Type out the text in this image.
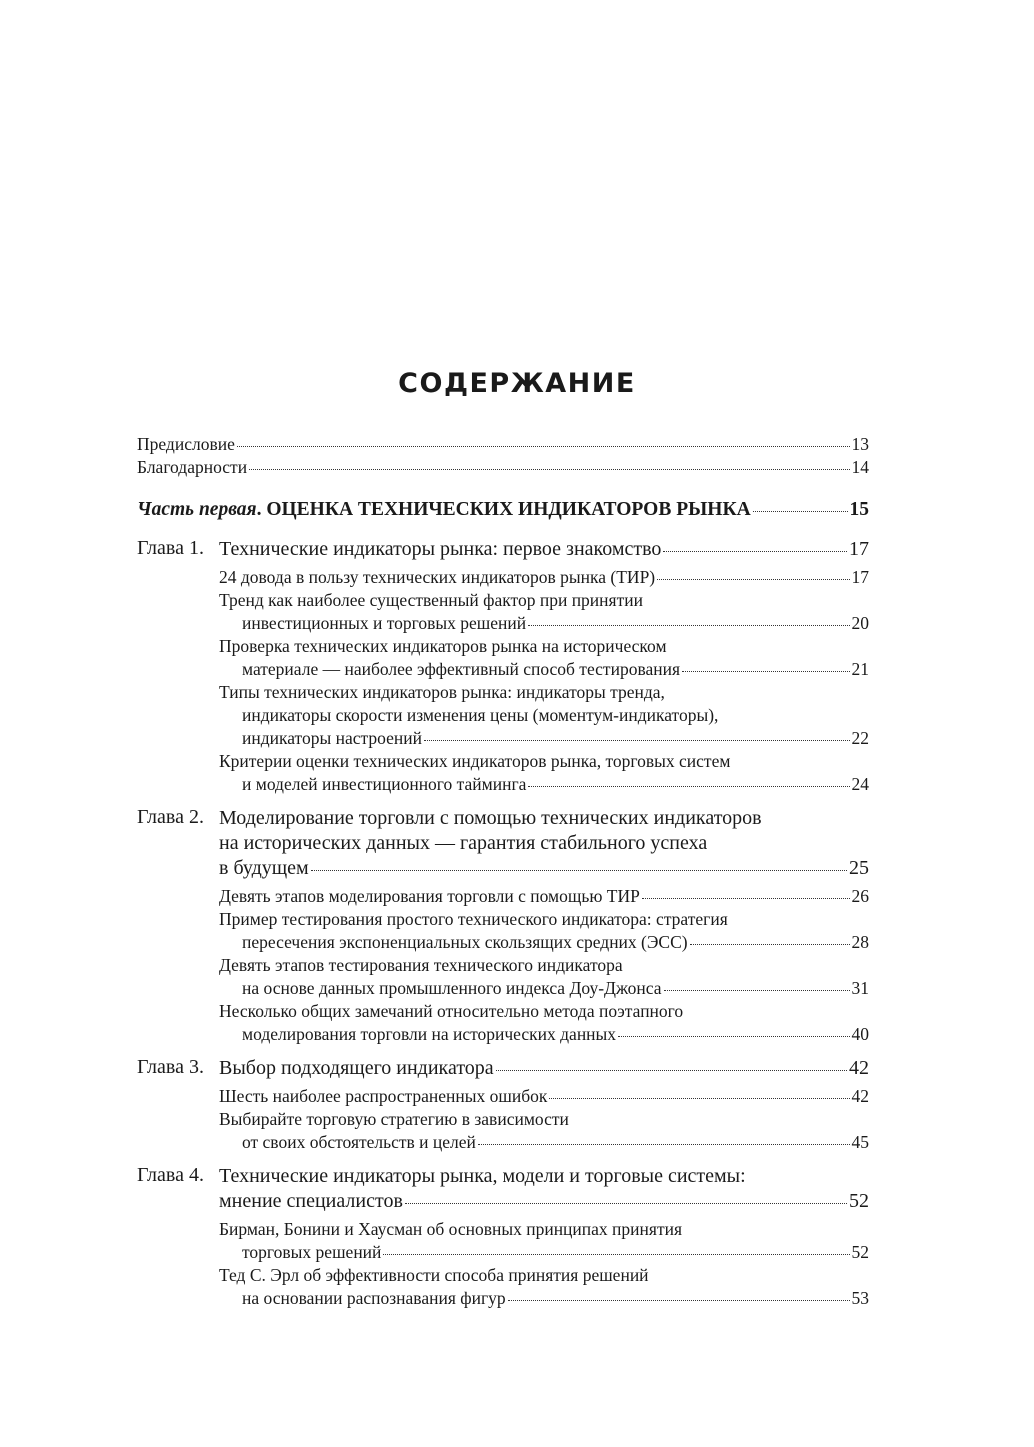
СОДЕРЖАНИЕ
Предисловие	13
Благодарности	14
Часть первая. ОЦЕНКА ТЕХНИЧЕСКИХ ИНДИКАТОРОВ РЫНКА	15
Глава 1. Технические индикаторы рынка: первое знакомство	17
24 довода в пользу технических индикаторов рынка (ТИР)	17
Тренд как наиболее существенный фактор при принятии
инвестиционных и торговых решений	20
Проверка технических индикаторов рынка на историческом
материале — наиболее эффективный способ тестирования	21
Типы технических индикаторов рынка: индикаторы тренда,
индикаторы скорости изменения цены (моментум-индикаторы),
индикаторы настроений	22
Критерии оценки технических индикаторов рынка, торговых систем
и моделей инвестиционного тайминга	24
Глава 2. Моделирование торговли с помощью технических индикаторов
на исторических данных — гарантия стабильного успеха
в будущем	25
Девять этапов моделирования торговли с помощью ТИР	26
Пример тестирования простого технического индикатора: стратегия
пересечения экспоненциальных скользящих средних (ЭСС)	28
Девять этапов тестирования технического индикатора
на основе данных промышленного индекса Доу-Джонса	31
Несколько общих замечаний относительно метода поэтапного
моделирования торговли на исторических данных	40
Глава 3. Выбор подходящего индикатора	42
Шесть наиболее распространенных ошибок	42
Выбирайте торговую стратегию в зависимости
от своих обстоятельств и целей	45
Глава 4. Технические индикаторы рынка, модели и торговые системы:
мнение специалистов	52
Бирман, Бонини и Хаусман об основных принципах принятия
торговых решений	52
Тед С. Эрл об эффективности способа принятия решений
на основании распознавания фигур	53
